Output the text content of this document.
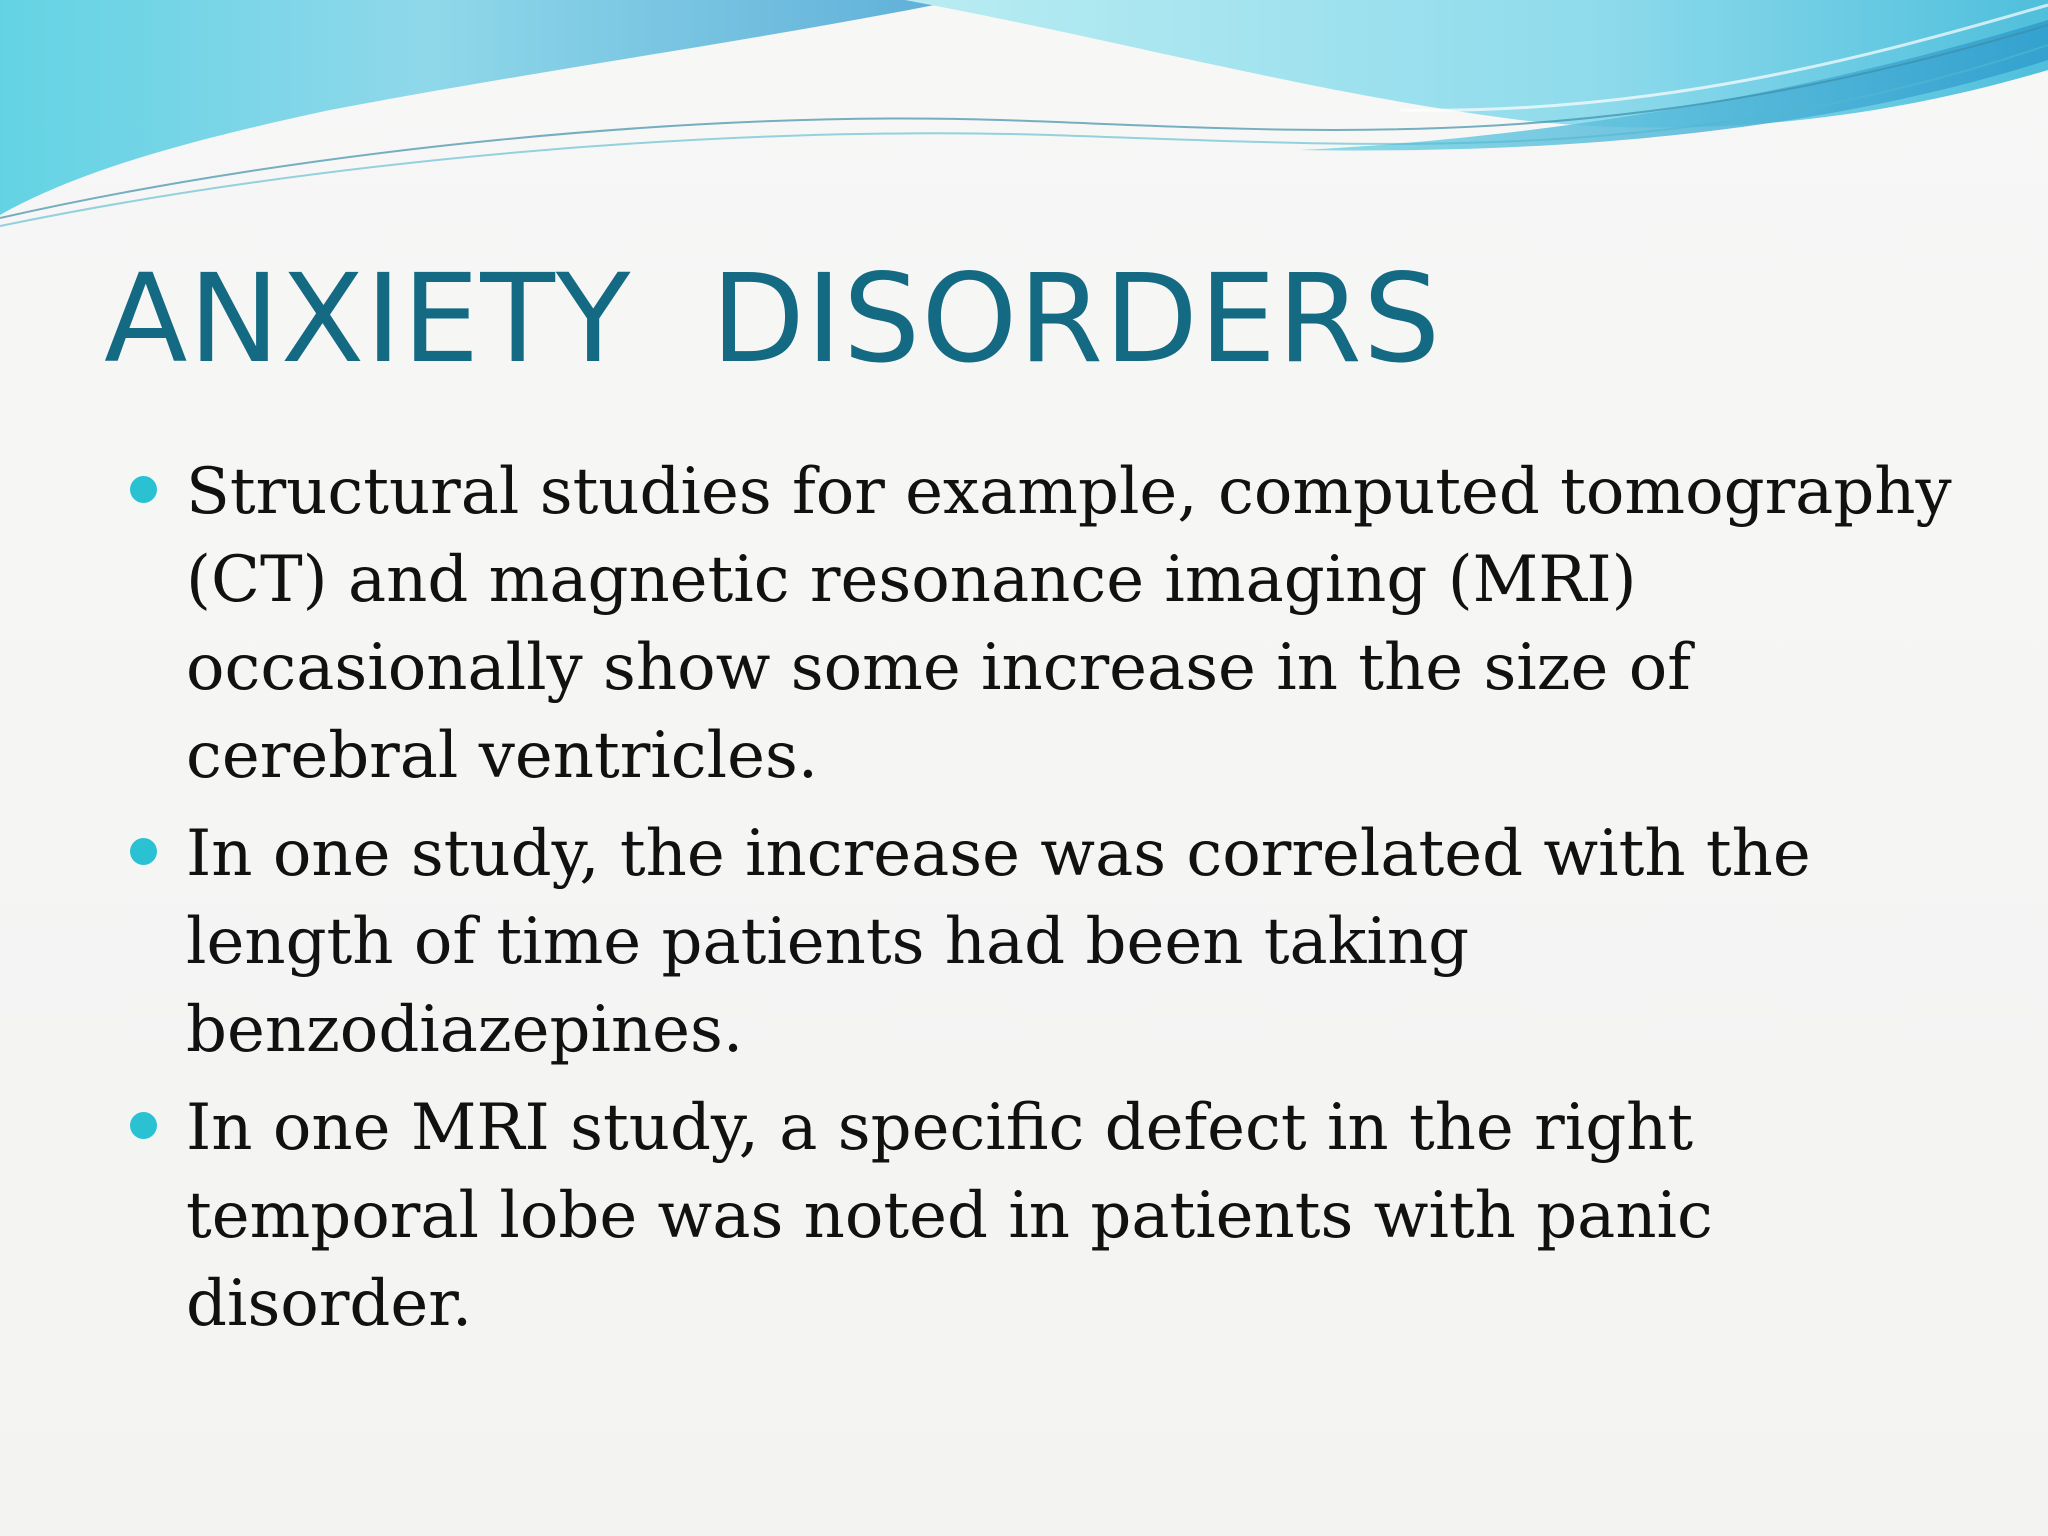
ANXIETY  DISORDERS
Structural studies for example, computed tomography (CT) and magnetic resonance imaging (MRI) occasionally show some increase in the size of cerebral ventricles.
In one study, the increase was correlated with the length of time patients had been taking benzodiazepines.
In one MRI study, a specific defect in the right temporal lobe was noted in patients with panic disorder.
